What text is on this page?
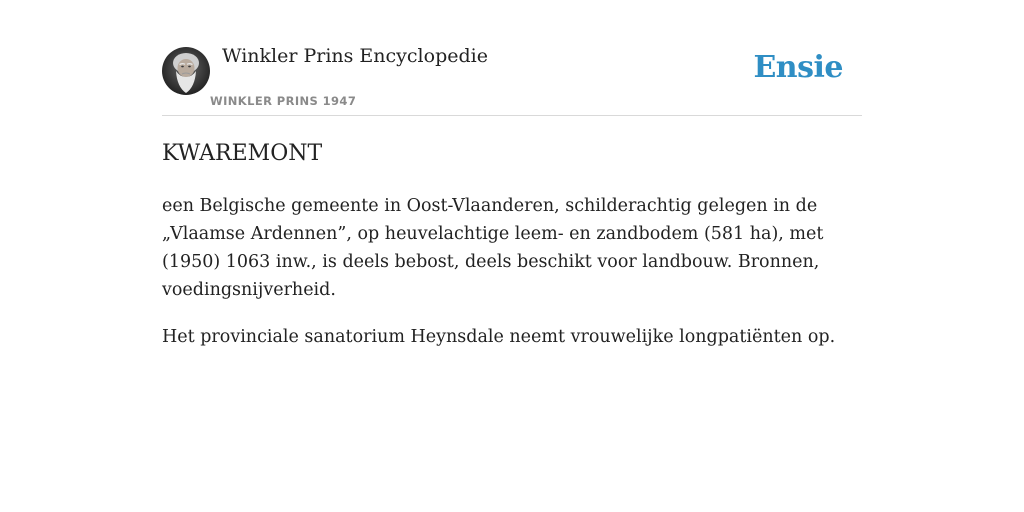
Winkler Prins Encyclopedie
WINKLER PRINS 1947
Ensie
KWAREMONT

een Belgische gemeente in Oost-Vlaanderen, schilderachtig gelegen in de „Vlaamse Ardennen”, op heuvelachtige leem- en zandbodem (581 ha), met (1950) 1063 inw., is deels bebost, deels beschikt voor landbouw. Bronnen, voedingsnijverheid.

Het provinciale sanatorium Heynsdale neemt vrouwelijke longpatiënten op.
